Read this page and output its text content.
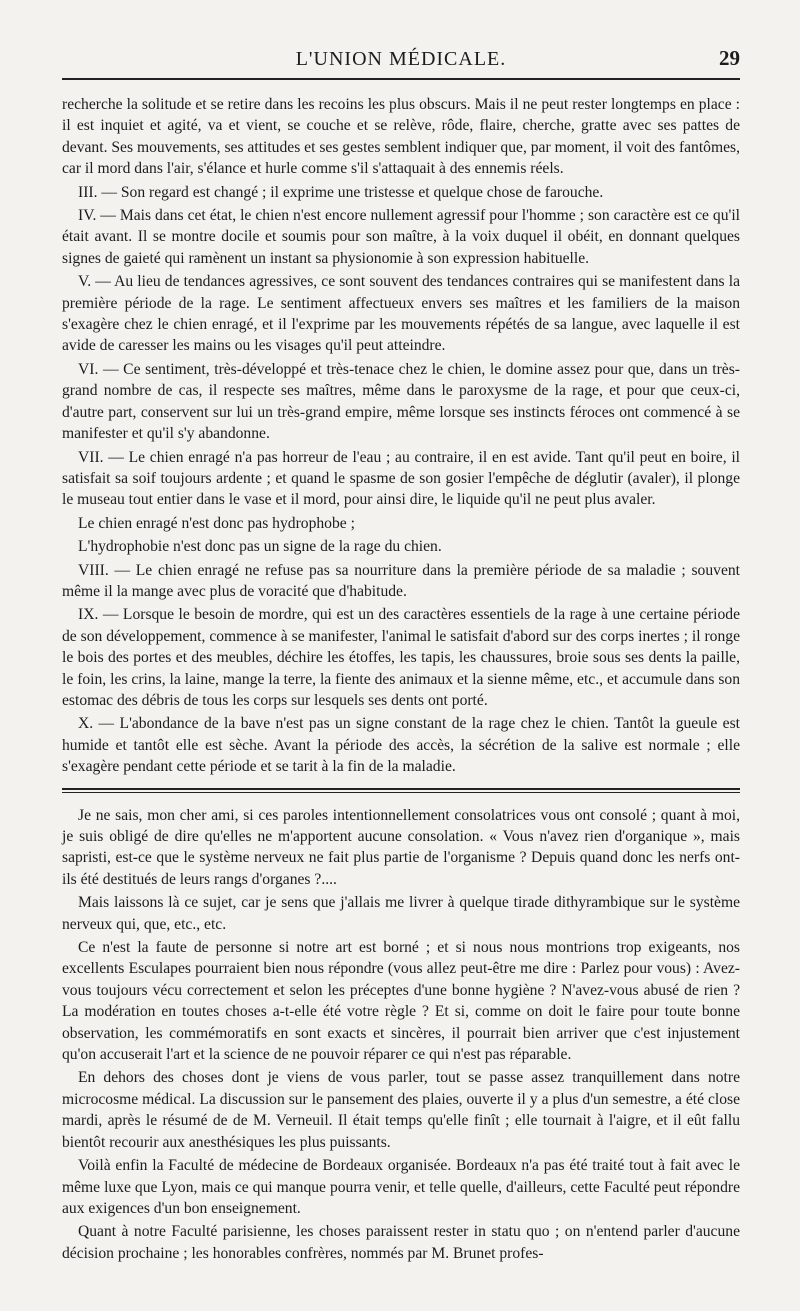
L'UNION MÉDICALE.	29

recherche la solitude et se retire dans les recoins les plus obscurs. Mais il ne peut rester longtemps en place : il est inquiet et agité, va et vient, se couche et se relève, rôde, flaire, cherche, gratte avec ses pattes de devant. Ses mouvements, ses attitudes et ses gestes semblent indiquer que, par moment, il voit des fantômes, car il mord dans l'air, s'élance et hurle comme s'il s'attaquait à des ennemis réels.

III. — Son regard est changé ; il exprime une tristesse et quelque chose de farouche.

IV. — Mais dans cet état, le chien n'est encore nullement agressif pour l'homme ; son caractère est ce qu'il était avant. Il se montre docile et soumis pour son maître, à la voix duquel il obéit, en donnant quelques signes de gaieté qui ramènent un instant sa physionomie à son expression habituelle.

V. — Au lieu de tendances agressives, ce sont souvent des tendances contraires qui se manifestent dans la première période de la rage. Le sentiment affectueux envers ses maîtres et les familiers de la maison s'exagère chez le chien enragé, et il l'exprime par les mouvements répétés de sa langue, avec laquelle il est avide de caresser les mains ou les visages qu'il peut atteindre.

VI. — Ce sentiment, très-développé et très-tenace chez le chien, le domine assez pour que, dans un très-grand nombre de cas, il respecte ses maîtres, même dans le paroxysme de la rage, et pour que ceux-ci, d'autre part, conservent sur lui un très-grand empire, même lorsque ses instincts féroces ont commencé à se manifester et qu'il s'y abandonne.

VII. — Le chien enragé n'a pas horreur de l'eau ; au contraire, il en est avide. Tant qu'il peut en boire, il satisfait sa soif toujours ardente ; et quand le spasme de son gosier l'empêche de déglutir (avaler), il plonge le museau tout entier dans le vase et il mord, pour ainsi dire, le liquide qu'il ne peut plus avaler.

Le chien enragé n'est donc pas hydrophobe ;

L'hydrophobie n'est donc pas un signe de la rage du chien.

VIII. — Le chien enragé ne refuse pas sa nourriture dans la première période de sa maladie ; souvent même il la mange avec plus de voracité que d'habitude.

IX. — Lorsque le besoin de mordre, qui est un des caractères essentiels de la rage à une certaine période de son développement, commence à se manifester, l'animal le satisfait d'abord sur des corps inertes ; il ronge le bois des portes et des meubles, déchire les étoffes, les tapis, les chaussures, broie sous ses dents la paille, le foin, les crins, la laine, mange la terre, la fiente des animaux et la sienne même, etc., et accumule dans son estomac des débris de tous les corps sur lesquels ses dents ont porté.

X. — L'abondance de la bave n'est pas un signe constant de la rage chez le chien. Tantôt la gueule est humide et tantôt elle est sèche. Avant la période des accès, la sécrétion de la salive est normale ; elle s'exagère pendant cette période et se tarit à la fin de la maladie.

Je ne sais, mon cher ami, si ces paroles intentionnellement consolatrices vous ont consolé ; quant à moi, je suis obligé de dire qu'elles ne m'apportent aucune consolation. « Vous n'avez rien d'organique », mais sapristi, est-ce que le système nerveux ne fait plus partie de l'organisme ? Depuis quand donc les nerfs ont-ils été destitués de leurs rangs d'organes ?....

Mais laissons là ce sujet, car je sens que j'allais me livrer à quelque tirade dithyrambique sur le système nerveux qui, que, etc., etc.

Ce n'est la faute de personne si notre art est borné ; et si nous nous montrions trop exigeants, nos excellents Esculapes pourraient bien nous répondre (vous allez peut-être me dire : Parlez pour vous) : Avez-vous toujours vécu correctement et selon les préceptes d'une bonne hygiène ? N'avez-vous abusé de rien ? La modération en toutes choses a-t-elle été votre règle ? Et si, comme on doit le faire pour toute bonne observation, les commémoratifs en sont exacts et sincères, il pourrait bien arriver que c'est injustement qu'on accuserait l'art et la science de ne pouvoir réparer ce qui n'est pas réparable.

En dehors des choses dont je viens de vous parler, tout se passe assez tranquillement dans notre microcosme médical. La discussion sur le pansement des plaies, ouverte il y a plus d'un semestre, a été close mardi, après le résumé de de M. Verneuil. Il était temps qu'elle finît ; elle tournait à l'aigre, et il eût fallu bientôt recourir aux anesthésiques les plus puissants.

Voilà enfin la Faculté de médecine de Bordeaux organisée. Bordeaux n'a pas été traité tout à fait avec le même luxe que Lyon, mais ce qui manque pourra venir, et telle quelle, d'ailleurs, cette Faculté peut répondre aux exigences d'un bon enseignement.

Quant à notre Faculté parisienne, les choses paraissent rester in statu quo ; on n'entend parler d'aucune décision prochaine ; les honorables confrères, nommés par M. Brunet profes-
